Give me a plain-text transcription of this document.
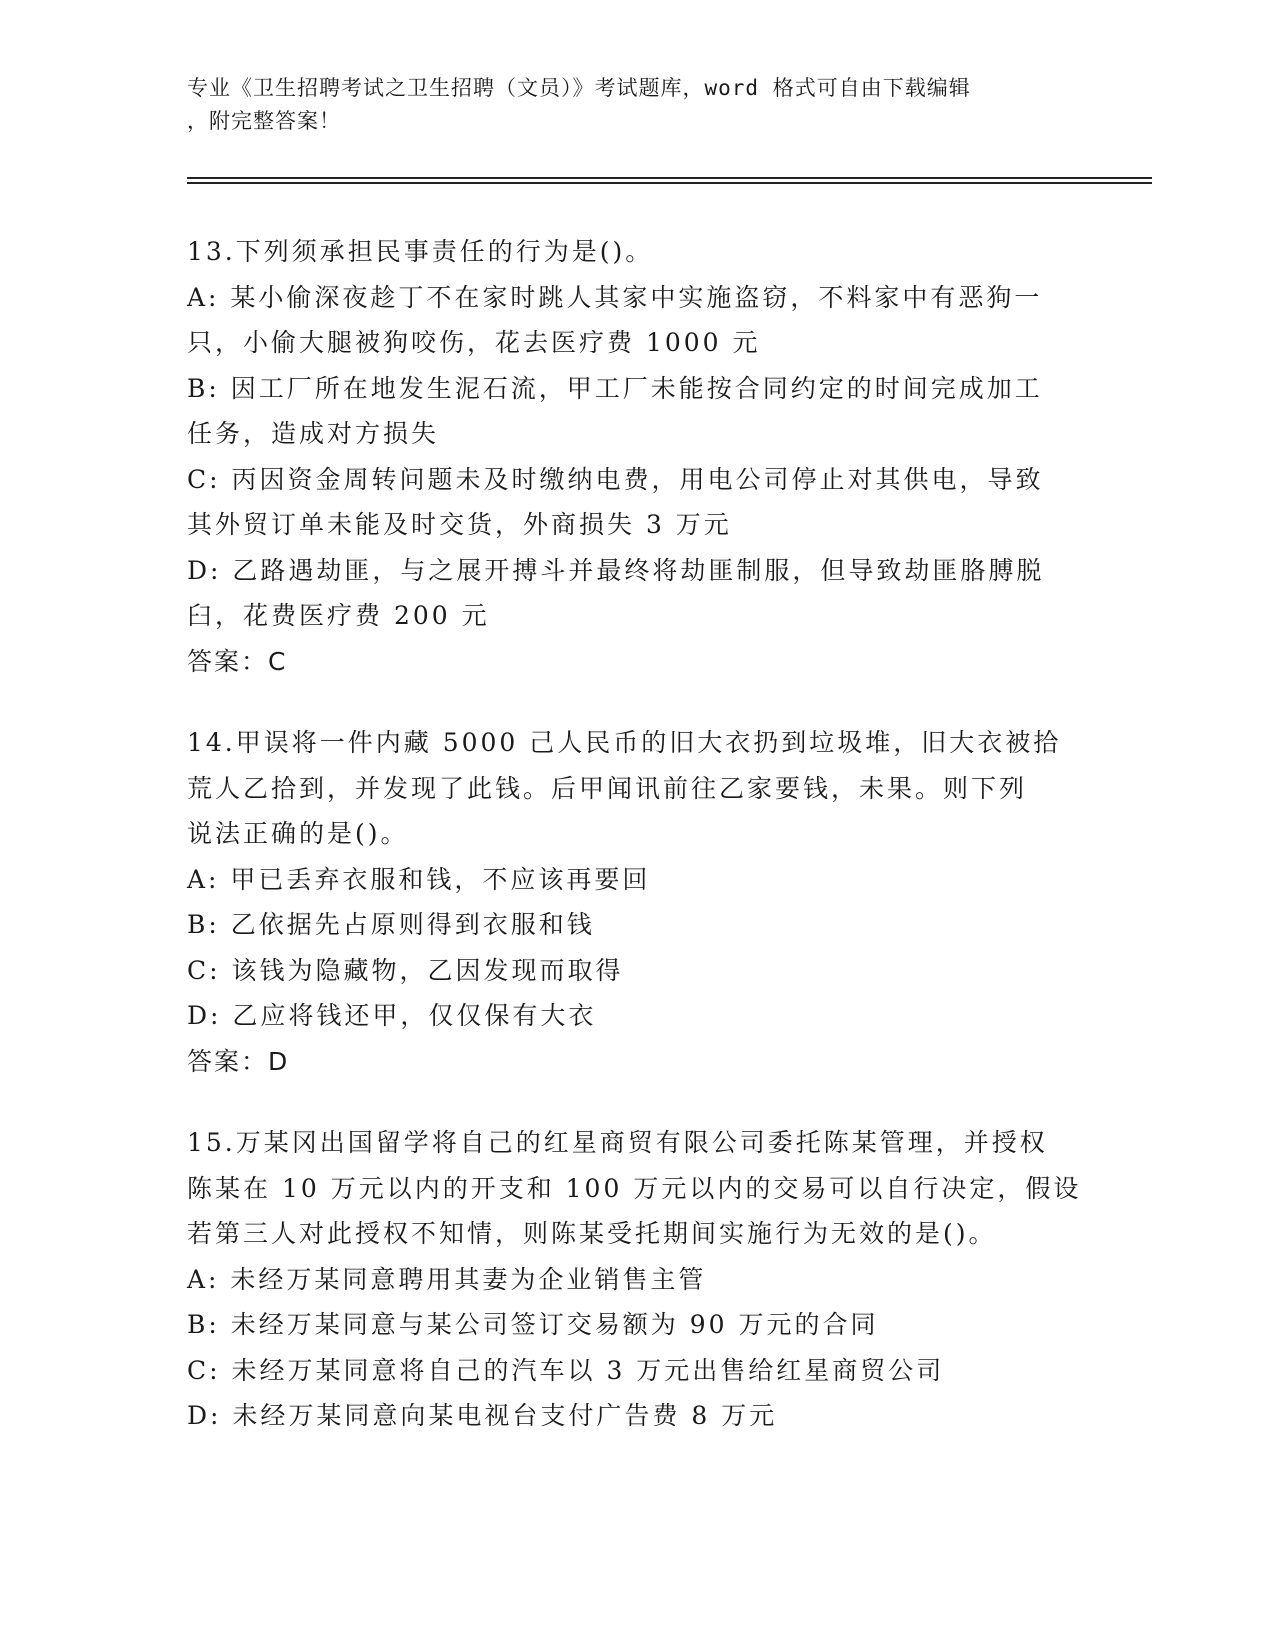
专业《卫生招聘考试之卫生招聘（文员）》考试题库，word 格式可自由下载编辑
，附完整答案！
13.下列须承担民事责任的行为是()。
A: 某小偷深夜趁丁不在家时跳人其家中实施盗窃，不料家中有恶狗一
只，小偷大腿被狗咬伤，花去医疗费 1000 元
B: 因工厂所在地发生泥石流，甲工厂未能按合同约定的时间完成加工
任务，造成对方损失
C: 丙因资金周转问题未及时缴纳电费，用电公司停止对其供电，导致
其外贸订单未能及时交货，外商损失 3 万元
D: 乙路遇劫匪，与之展开搏斗并最终将劫匪制服，但导致劫匪胳膊脱
臼，花费医疗费 200 元
答案：C
14.甲误将一件内藏 5000 己人民币的旧大衣扔到垃圾堆，旧大衣被拾
荒人乙拾到，并发现了此钱。后甲闻讯前往乙家要钱，未果。则下列
说法正确的是()。
A: 甲已丢弃衣服和钱，不应该再要回
B: 乙依据先占原则得到衣服和钱
C: 该钱为隐藏物，乙因发现而取得
D: 乙应将钱还甲，仅仅保有大衣
答案：D
15.万某冈出国留学将自己的红星商贸有限公司委托陈某管理，并授权
陈某在 10 万元以内的开支和 100 万元以内的交易可以自行决定，假设
若第三人对此授权不知情，则陈某受托期间实施行为无效的是()。
A: 未经万某同意聘用其妻为企业销售主管
B: 未经万某同意与某公司签订交易额为 90 万元的合同
C: 未经万某同意将自己的汽车以 3 万元出售给红星商贸公司
D: 未经万某同意向某电视台支付广告费 8 万元
